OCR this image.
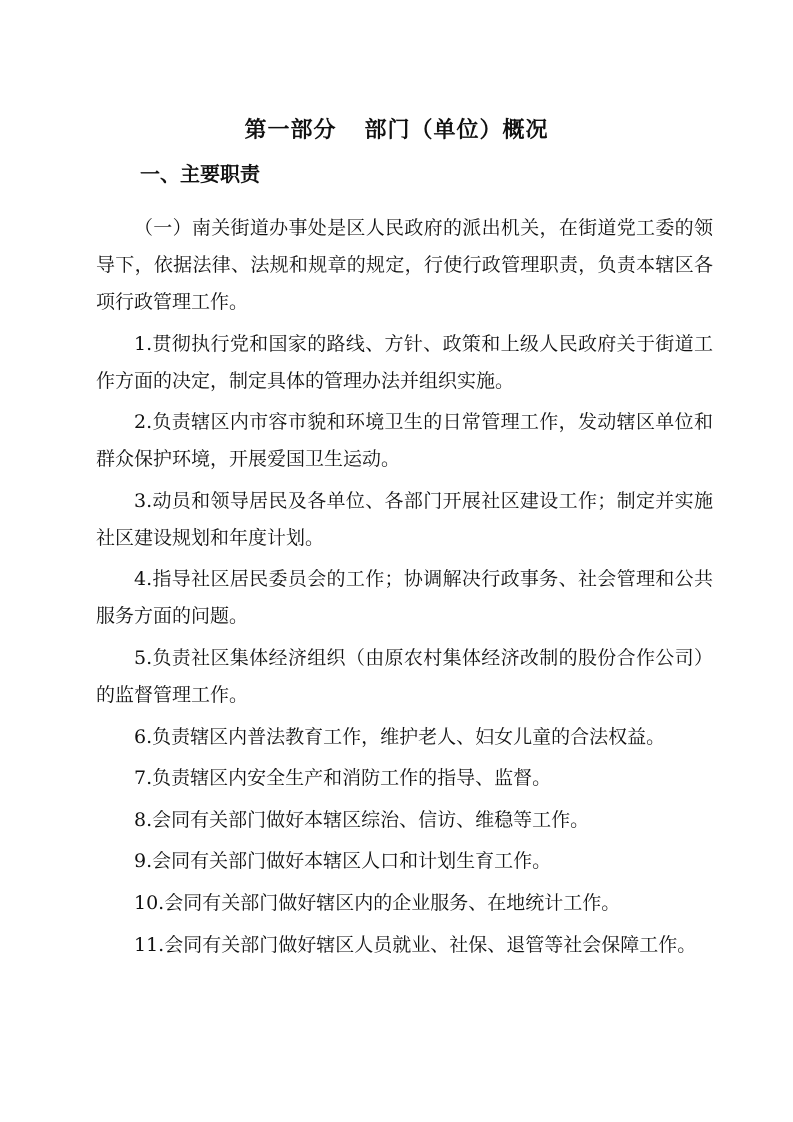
第一部分 部门（单位）概况
一、主要职责

（一）南关街道办事处是区人民政府的派出机关，在街道党工委的领导下，依据法律、法规和规章的规定，行使行政管理职责，负责本辖区各项行政管理工作。

1.贯彻执行党和国家的路线、方针、政策和上级人民政府关于街道工作方面的决定，制定具体的管理办法并组织实施。

2.负责辖区内市容市貌和环境卫生的日常管理工作，发动辖区单位和群众保护环境，开展爱国卫生运动。

3.动员和领导居民及各单位、各部门开展社区建设工作；制定并实施社区建设规划和年度计划。

4.指导社区居民委员会的工作；协调解决行政事务、社会管理和公共服务方面的问题。

5.负责社区集体经济组织（由原农村集体经济改制的股份合作公司）的监督管理工作。

6.负责辖区内普法教育工作，维护老人、妇女儿童的合法权益。

7.负责辖区内安全生产和消防工作的指导、监督。

8.会同有关部门做好本辖区综治、信访、维稳等工作。

9.会同有关部门做好本辖区人口和计划生育工作。

10.会同有关部门做好辖区内的企业服务、在地统计工作。

11.会同有关部门做好辖区人员就业、社保、退管等社会保障工作。
